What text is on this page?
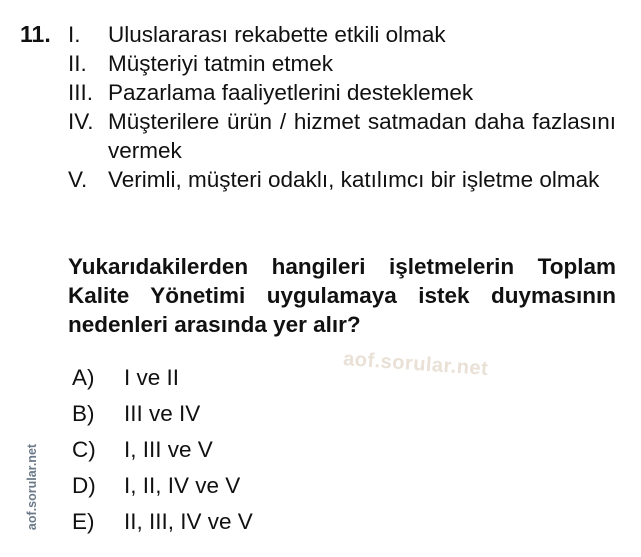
11. I.	Uluslararası rekabette etkili olmak
II. Müşteriyi tatmin etmek
III. Pazarlama faaliyetlerini desteklemek
IV. Müşterilere ürün / hizmet satmadan daha fazlasını vermek
V. Verimli, müşteri odaklı, katılımcı bir işletme olmak
Yukarıdakilerden hangileri işletmelerin Toplam Kalite Yönetimi uygulamaya istek duymasının nedenleri arasında yer alır?
aof.sorular.net
A)	I ve II
B)	III ve IV
C)	I, III ve V
D)	I, II, IV ve V
E)	II, III, IV ve V
aof.sorular.net
